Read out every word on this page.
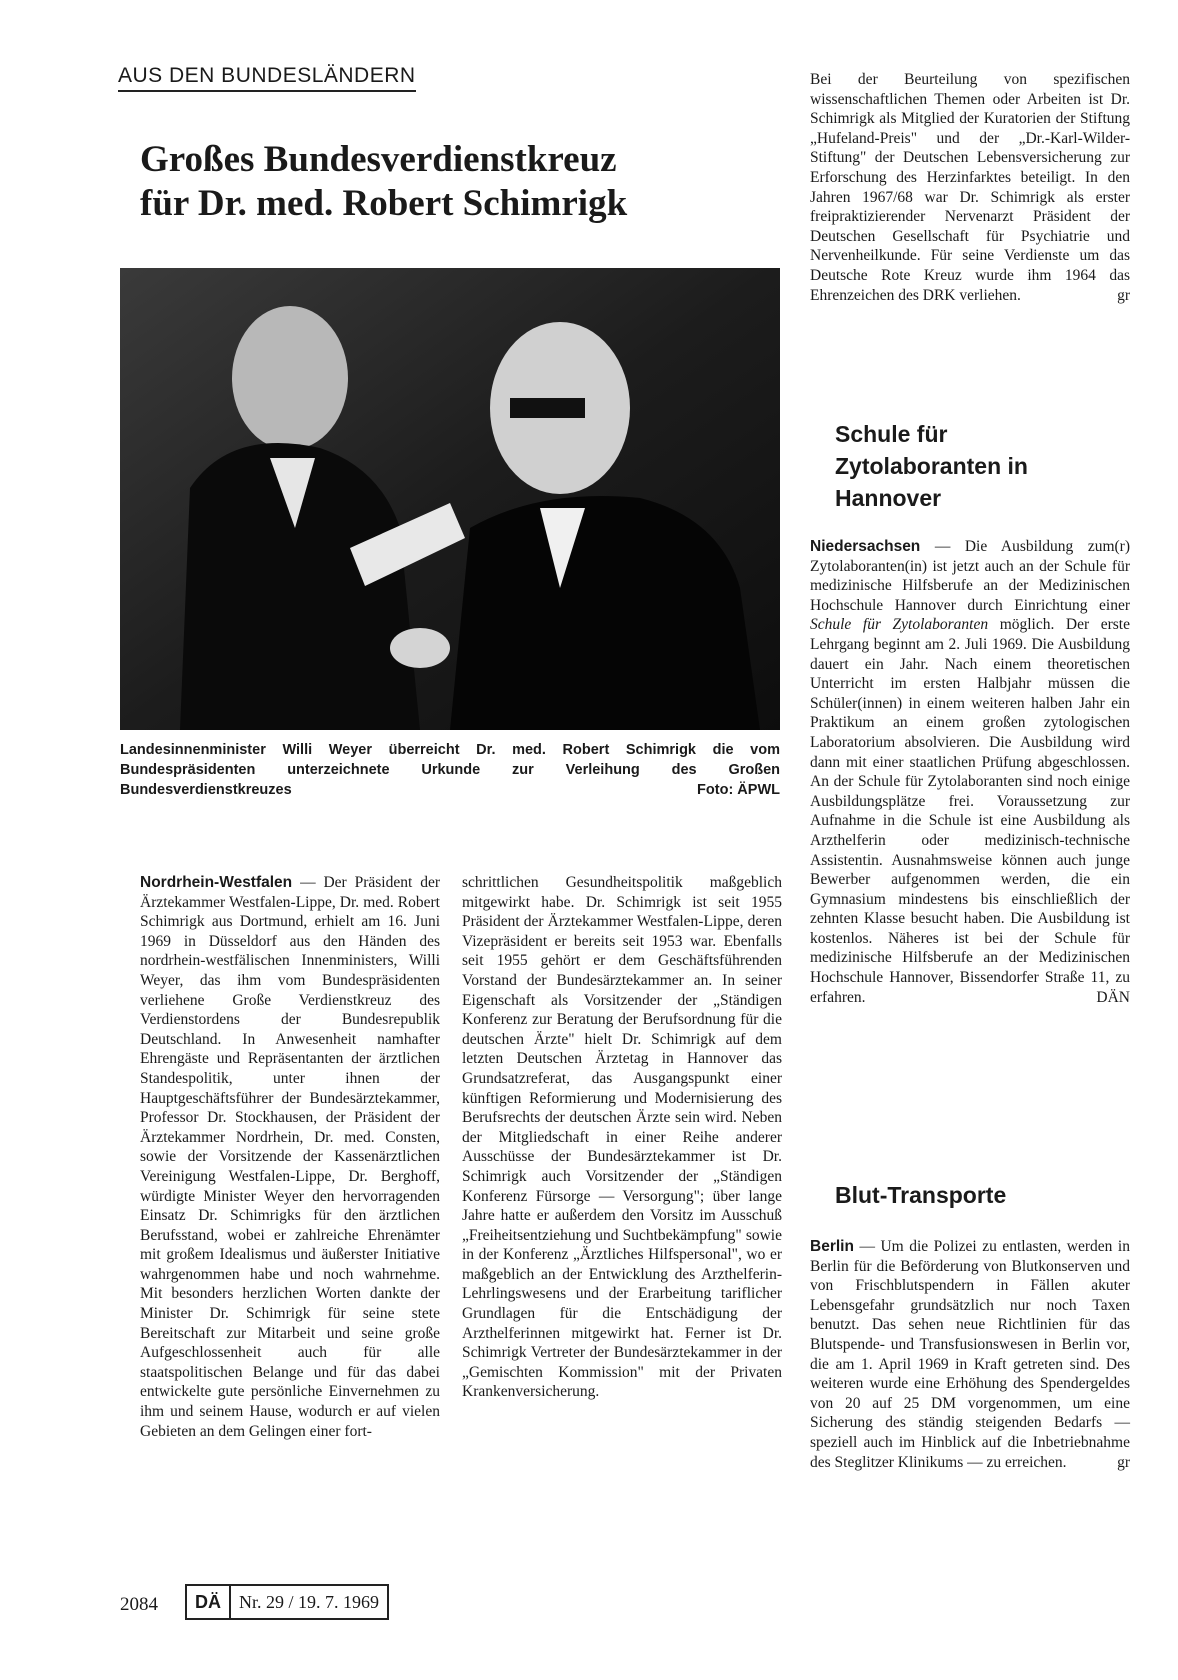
AUS DEN BUNDESLÄNDERN
Großes Bundesverdienstkreuz
für Dr. med. Robert Schimrigk
Landesinnenminister Willi Weyer überreicht Dr. med. Robert Schimrigk die vom Bundespräsidenten unterzeichnete Urkunde zur Verleihung des Großen Bundesverdienstkreuzes	Foto: ÄPWL

Nordrhein-Westfalen — Der Präsident der Ärztekammer Westfalen-Lippe, Dr. med. Robert Schimrigk aus Dortmund, erhielt am 16. Juni 1969 in Düsseldorf aus den Händen des nordrhein-westfälischen Innenministers, Willi Weyer, das ihm vom Bundespräsidenten verliehene Große Verdienstkreuz des Verdienstordens der Bundesrepublik Deutschland. In Anwesenheit namhafter Ehrengäste und Repräsentanten der ärztlichen Standespolitik, unter ihnen der Hauptgeschäftsführer der Bundesärztekammer, Professor Dr. Stockhausen, der Präsident der Ärztekammer Nordrhein, Dr. med. Consten, sowie der Vorsitzende der Kassenärztlichen Vereinigung Westfalen-Lippe, Dr. Berghoff, würdigte Minister Weyer den hervorragenden Einsatz Dr. Schimrigks für den ärztlichen Berufsstand, wobei er zahlreiche Ehrenämter mit großem Idealismus und äußerster Initiative wahrgenommen habe und noch wahrnehme. Mit besonders herzlichen Worten dankte der Minister Dr. Schimrigk für seine stete Bereitschaft zur Mitarbeit und seine große Aufgeschlossenheit auch für alle staatspolitischen Belange und für das dabei entwickelte gute persönliche Einvernehmen zu ihm und seinem Hause, wodurch er auf vielen Gebieten an dem Gelingen einer fort-

schrittlichen Gesundheitspolitik maßgeblich mitgewirkt habe. Dr. Schimrigk ist seit 1955 Präsident der Ärztekammer Westfalen-Lippe, deren Vizepräsident er bereits seit 1953 war. Ebenfalls seit 1955 gehört er dem Geschäftsführenden Vorstand der Bundesärztekammer an. In seiner Eigenschaft als Vorsitzender der „Ständigen Konferenz zur Beratung der Berufsordnung für die deutschen Ärzte" hielt Dr. Schimrigk auf dem letzten Deutschen Ärztetag in Hannover das Grundsatzreferat, das Ausgangspunkt einer künftigen Reformierung und Modernisierung des Berufsrechts der deutschen Ärzte sein wird. Neben der Mitgliedschaft in einer Reihe anderer Ausschüsse der Bundesärztekammer ist Dr. Schimrigk auch Vorsitzender der „Ständigen Konferenz Fürsorge — Versorgung"; über lange Jahre hatte er außerdem den Vorsitz im Ausschuß „Freiheitsentziehung und Suchtbekämpfung" sowie in der Konferenz „Ärztliches Hilfspersonal", wo er maßgeblich an der Entwicklung des Arzthelferin-Lehrlingswesens und der Erarbeitung tariflicher Grundlagen für die Entschädigung der Arzthelferinnen mitgewirkt hat. Ferner ist Dr. Schimrigk Vertreter der Bundesärztekammer in der „Gemischten Kommission" mit der Privaten Krankenversicherung.

Bei der Beurteilung von spezifischen wissenschaftlichen Themen oder Arbeiten ist Dr. Schimrigk als Mitglied der Kuratorien der Stiftung „Hufeland-Preis" und der „Dr.-Karl-Wilder-Stiftung" der Deutschen Lebensversicherung zur Erforschung des Herzinfarktes beteiligt. In den Jahren 1967/68 war Dr. Schimrigk als erster freipraktizierender Nervenarzt Präsident der Deutschen Gesellschaft für Psychiatrie und Nervenheilkunde. Für seine Verdienste um das Deutsche Rote Kreuz wurde ihm 1964 das Ehrenzeichen des DRK verliehen.	gr

Schule für Zytolaboranten in Hannover

Niedersachsen — Die Ausbildung zum(r) Zytolaboranten(in) ist jetzt auch an der Schule für medizinische Hilfsberufe an der Medizinischen Hochschule Hannover durch Einrichtung einer Schule für Zytolaboranten möglich. Der erste Lehrgang beginnt am 2. Juli 1969. Die Ausbildung dauert ein Jahr. Nach einem theoretischen Unterricht im ersten Halbjahr müssen die Schüler(innen) in einem weiteren halben Jahr ein Praktikum an einem großen zytologischen Laboratorium absolvieren. Die Ausbildung wird dann mit einer staatlichen Prüfung abgeschlossen. An der Schule für Zytolaboranten sind noch einige Ausbildungsplätze frei. Voraussetzung zur Aufnahme in die Schule ist eine Ausbildung als Arzthelferin oder medizinisch-technische Assistentin. Ausnahmsweise können auch junge Bewerber aufgenommen werden, die ein Gymnasium mindestens bis einschließlich der zehnten Klasse besucht haben. Die Ausbildung ist kostenlos. Näheres ist bei der Schule für medizinische Hilfsberufe an der Medizinischen Hochschule Hannover, Bissendorfer Straße 11, zu erfahren.	DÄN

Blut-Transporte

Berlin — Um die Polizei zu entlasten, werden in Berlin für die Beförderung von Blutkonserven und von Frischblutspendern in Fällen akuter Lebensgefahr grundsätzlich nur noch Taxen benutzt. Das sehen neue Richtlinien für das Blutspende- und Transfusionswesen in Berlin vor, die am 1. April 1969 in Kraft getreten sind. Des weiteren wurde eine Erhöhung des Spendergeldes von 20 auf 25 DM vorgenommen, um eine Sicherung des ständig steigenden Bedarfs — speziell auch im Hinblick auf die Inbetriebnahme des Steglitzer Klinikums — zu erreichen.	gr

2084	DÄ	Nr. 29 / 19. 7. 1969
